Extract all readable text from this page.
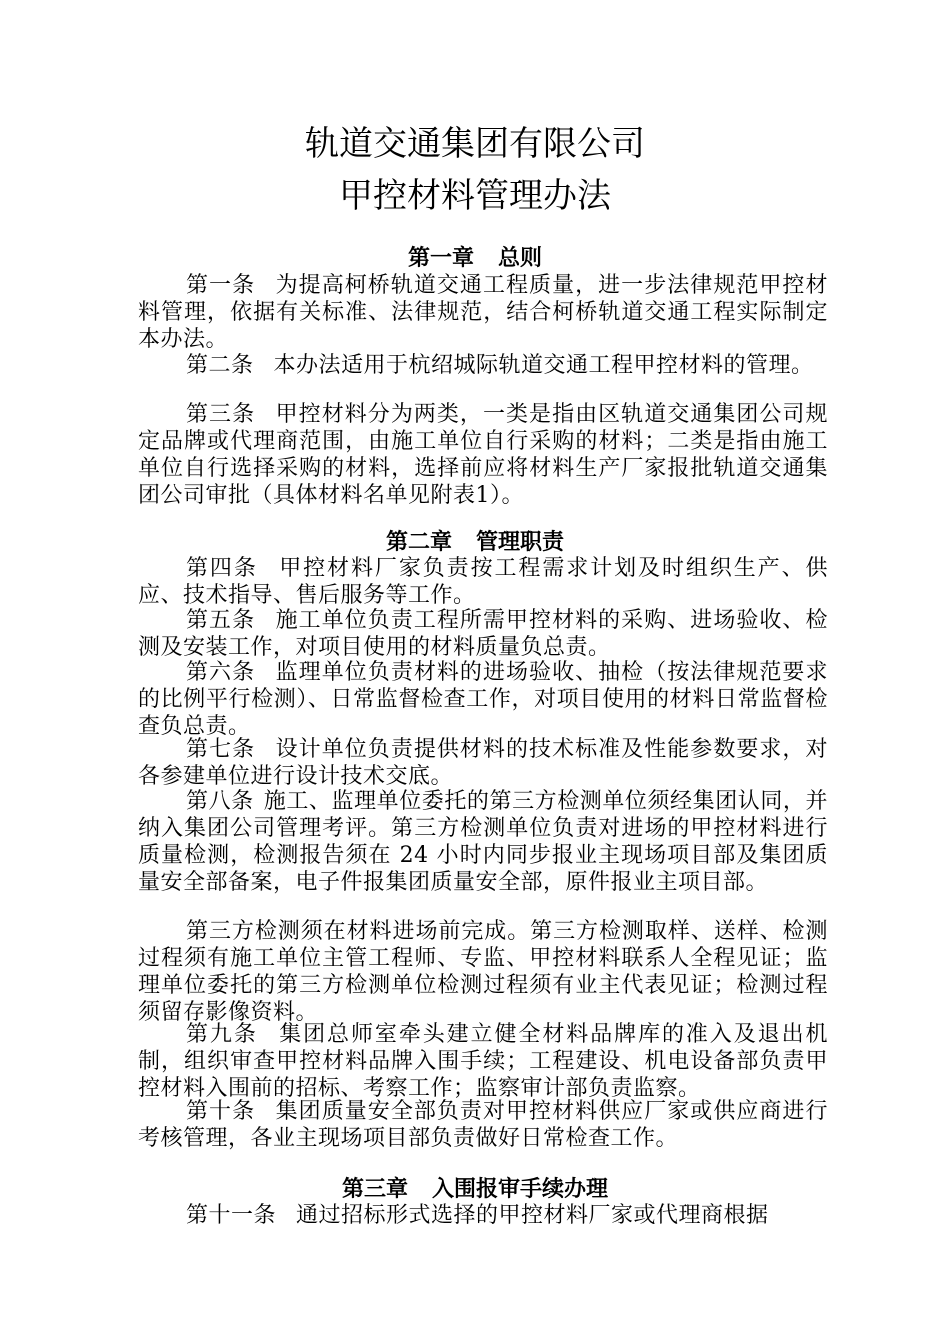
轨道交通集团有限公司
甲控材料管理办法
第一章 总则

第一条 为提高柯桥轨道交通工程质量，进一步法律规范甲控材料管理，依据有关标准、法律规范，结合柯桥轨道交通工程实际制定本办法。

第二条 本办法适用于杭绍城际轨道交通工程甲控材料的管理。

第三条 甲控材料分为两类，一类是指由区轨道交通集团公司规定品牌或代理商范围，由施工单位自行采购的材料；二类是指由施工单位自行选择采购的材料，选择前应将材料生产厂家报批轨道交通集团公司审批（具体材料名单见附表1）。

第二章 管理职责

第四条 甲控材料厂家负责按工程需求计划及时组织生产、供应、技术指导、售后服务等工作。

第五条 施工单位负责工程所需甲控材料的采购、进场验收、检测及安装工作，对项目使用的材料质量负总责。

第六条 监理单位负责材料的进场验收、抽检（按法律规范要求的比例平行检测）、日常监督检查工作，对项目使用的材料日常监督检查负总责。

第七条 设计单位负责提供材料的技术标准及性能参数要求，对各参建单位进行设计技术交底。

第八条 施工、监理单位委托的第三方检测单位须经集团认同，并纳入集团公司管理考评。第三方检测单位负责对进场的甲控材料进行质量检测，检测报告须在 24 小时内同步报业主现场项目部及集团质量安全部备案，电子件报集团质量安全部，原件报业主项目部。

第三方检测须在材料进场前完成。第三方检测取样、送样、检测过程须有施工单位主管工程师、专监、甲控材料联系人全程见证；监理单位委托的第三方检测单位检测过程须有业主代表见证；检测过程须留存影像资料。

第九条 集团总师室牵头建立健全材料品牌库的准入及退出机制，组织审查甲控材料品牌入围手续；工程建设、机电设备部负责甲控材料入围前的招标、考察工作；监察审计部负责监察。

第十条 集团质量安全部负责对甲控材料供应厂家或供应商进行考核管理，各业主现场项目部负责做好日常检查工作。

第三章 入围报审手续办理

第十一条 通过招标形式选择的甲控材料厂家或代理商根据
